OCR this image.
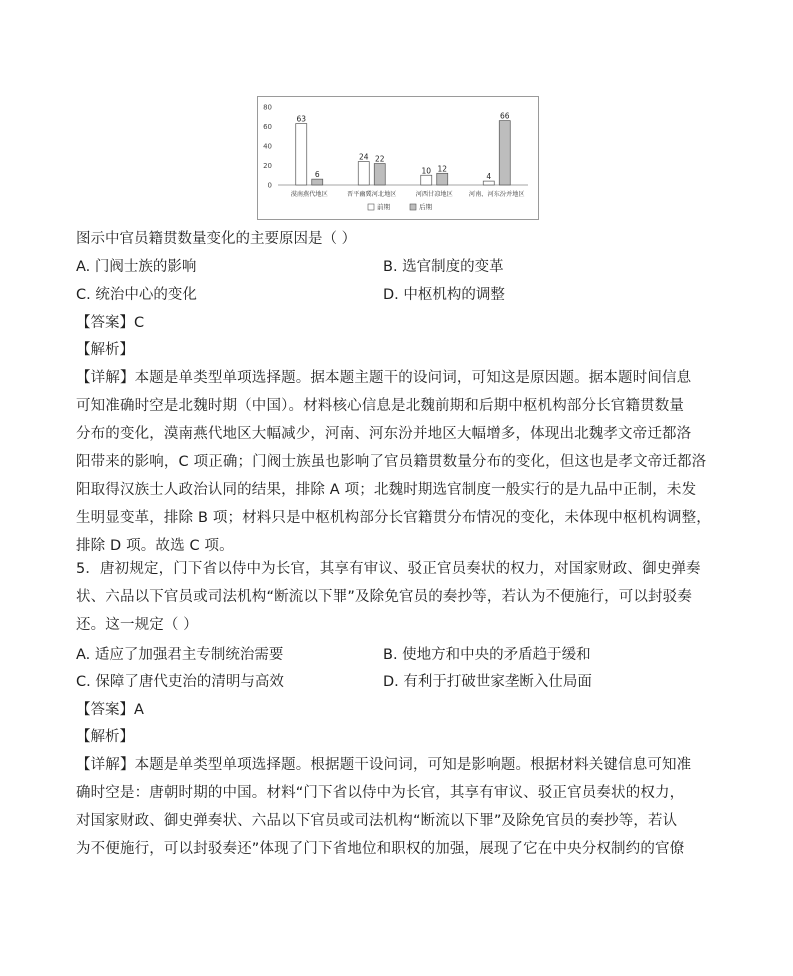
0
20
40
60
80
63
6
漠南燕代地区
24 22
晋平幽冀河北地区
10 12
河西甘凉地区
4
66
河南、河东汾并地区
前期	后期
图示中官员籍贯数量变化的主要原因是（ ）
A. 门阀士族的影响	B. 选官制度的变革
C. 统治中心的变化	D. 中枢机构的调整
【答案】C
【解析】
【详解】本题是单类型单项选择题。据本题主题干的设问词，可知这是原因题。据本题时间信息
可知准确时空是北魏时期（中国）。材料核心信息是北魏前期和后期中枢机构部分长官籍贯数量
分布的变化，漠南燕代地区大幅减少，河南、河东汾并地区大幅增多，体现出北魏孝文帝迁都洛
阳带来的影响，C 项正确；门阀士族虽也影响了官员籍贯数量分布的变化，但这也是孝文帝迁都洛
阳取得汉族士人政治认同的结果，排除 A 项；北魏时期选官制度一般实行的是九品中正制，未发
生明显变革，排除 B 项；材料只是中枢机构部分长官籍贯分布情况的变化，未体现中枢机构调整，
排除 D 项。故选 C 项。
5．唐初规定，门下省以侍中为长官，其享有审议、驳正官员奏状的权力，对国家财政、御史弹奏
状、六品以下官员或司法机构“断流以下罪”及除免官员的奏抄等，若认为不便施行，可以封驳奏
还。这一规定（ ）
A. 适应了加强君主专制统治需要	B. 使地方和中央的矛盾趋于缓和
C. 保障了唐代吏治的清明与高效	D. 有利于打破世家垄断入仕局面
【答案】A
【解析】
【详解】本题是单类型单项选择题。根据题干设问词，可知是影响题。根据材料关键信息可知准
确时空是：唐朝时期的中国。材料“门下省以侍中为长官，其享有审议、驳正官员奏状的权力，
对国家财政、御史弹奏状、六品以下官员或司法机构“断流以下罪”及除免官员的奏抄等，若认
为不便施行，可以封驳奏还”体现了门下省地位和职权的加强，展现了它在中央分权制约的官僚
